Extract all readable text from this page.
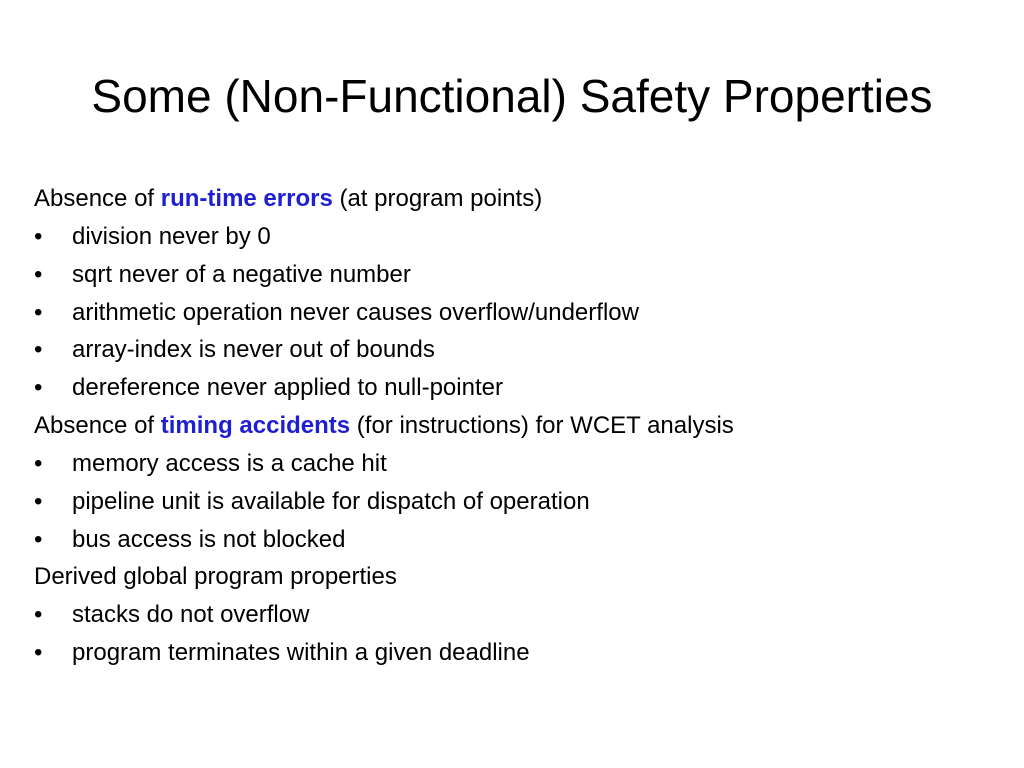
Some (Non-Functional) Safety Properties
Absence of run-time errors (at program points)
•	division never by 0
•	sqrt never of a negative number
•	arithmetic operation never causes overflow/underflow
•	array-index is never out of bounds
•	dereference never applied to null-pointer
Absence of timing accidents (for instructions) for WCET analysis
•	memory access is a cache hit
•	pipeline unit is available for dispatch of operation
•	bus access is not blocked
Derived global program properties
•	stacks do not overflow
•	program terminates within a given deadline
